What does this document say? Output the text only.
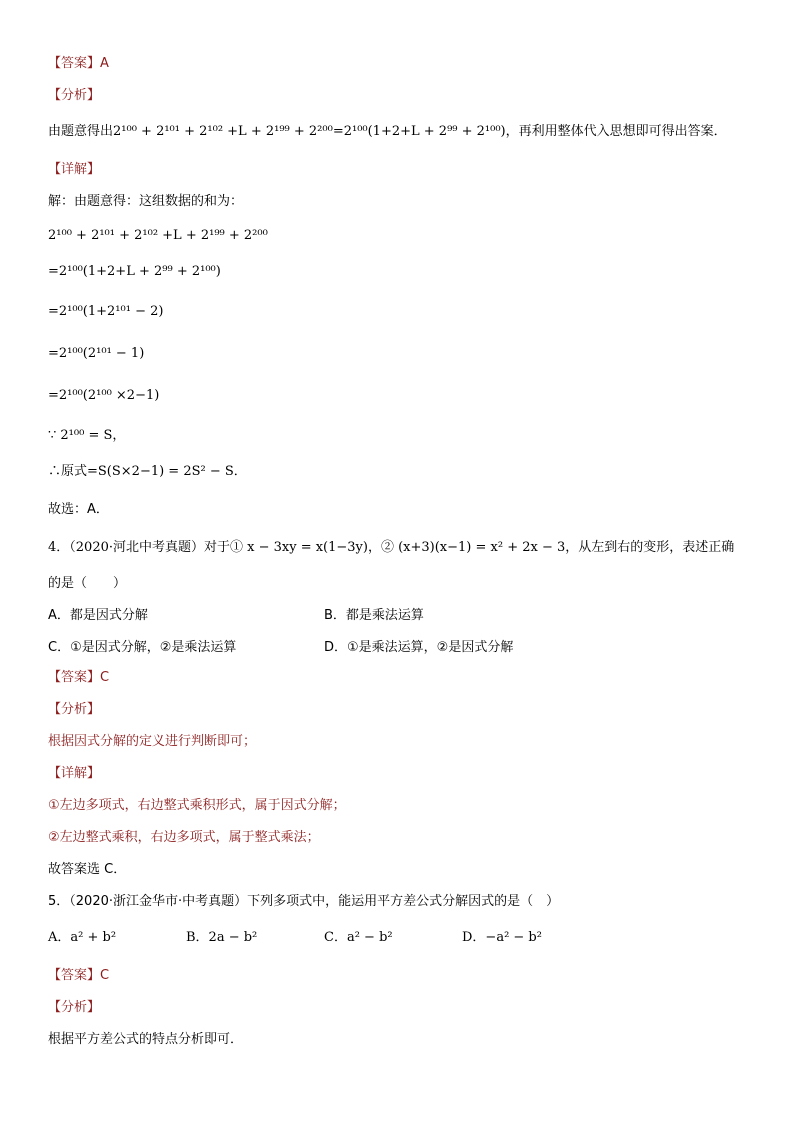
【答案】A
【分析】
由题意得出2¹⁰⁰ + 2¹⁰¹ + 2¹⁰² +L + 2¹⁹⁹ + 2²⁰⁰=2¹⁰⁰(1+2+L + 2⁹⁹ + 2¹⁰⁰)，再利用整体代入思想即可得出答案．
【详解】
解：由题意得：这组数据的和为：
2¹⁰⁰ + 2¹⁰¹ + 2¹⁰² +L + 2¹⁹⁹ + 2²⁰⁰
=2¹⁰⁰(1+2+L + 2⁹⁹ + 2¹⁰⁰)
=2¹⁰⁰(1+2¹⁰¹ − 2)
=2¹⁰⁰(2¹⁰¹ − 1)
=2¹⁰⁰(2¹⁰⁰ ×2−1)
∵ 2¹⁰⁰ = S，
∴原式=S(S×2−1) = 2S² − S．
故选：A．
4．（2020·河北中考真题）对于① x − 3xy = x(1−3y)，② (x+3)(x−1) = x² + 2x − 3，从左到右的变形，表述正确
的是（　　）
A．都是因式分解	B．都是乘法运算
C．①是因式分解，②是乘法运算	D．①是乘法运算，②是因式分解
【答案】C
【分析】
根据因式分解的定义进行判断即可；
【详解】
①左边多项式，右边整式乘积形式，属于因式分解；
②左边整式乘积，右边多项式，属于整式乘法；
故答案选 C．
5．（2020·浙江金华市·中考真题）下列多项式中，能运用平方差公式分解因式的是（　）
A．a² + b²	B．2a − b²	C．a² − b²	D．−a² − b²
【答案】C
【分析】
根据平方差公式的特点分析即可．
